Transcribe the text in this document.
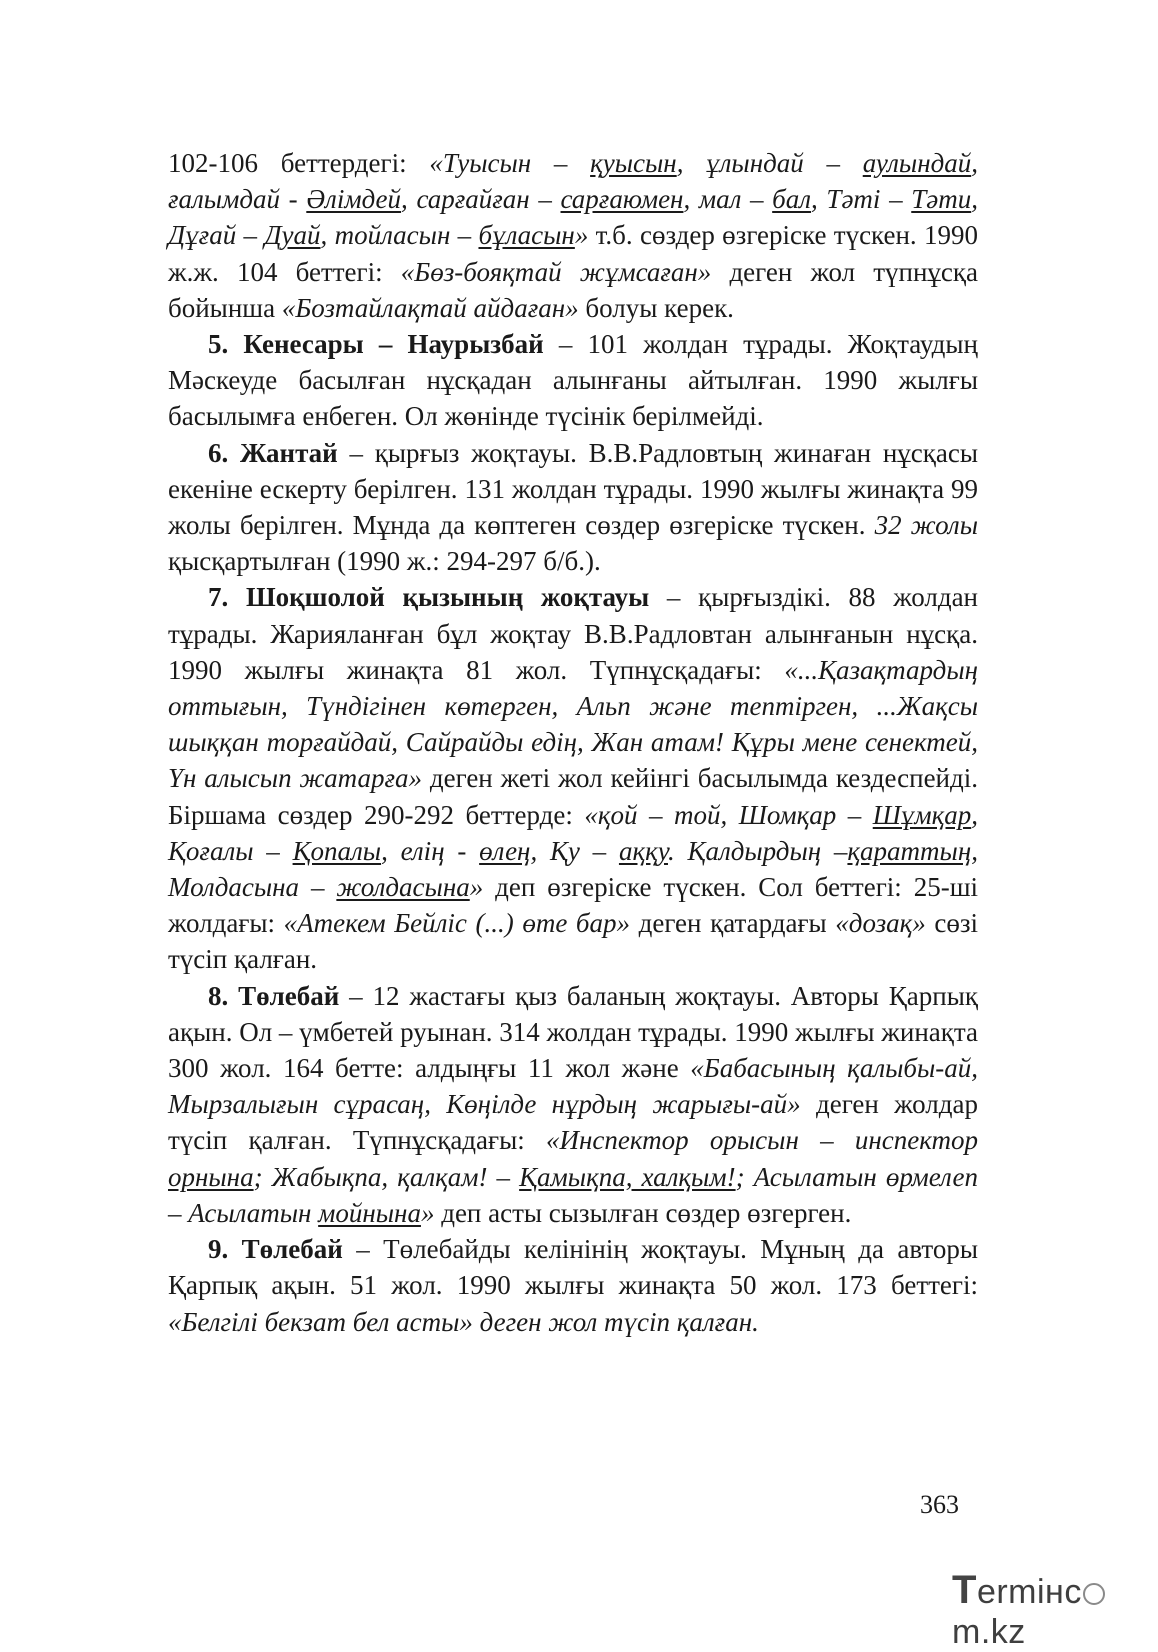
102-106 беттердегі: «Туысын – қуысын, ұлындай – аулындай, ғалымдай - Әлімдей, сарғайған – сарғаюмен, мал – бал, Тәті – Тәти, Дұғай – Дуай, тойласын – бұласын» т.б. сөздер өзгеріске түскен. 1990 ж.ж. 104 беттегі: «Бөз-бояқтай жұмсаған» деген жол түпнұсқа бойынша «Бозтайлақтай айдаған» болуы керек.

5. Кенесары – Наурызбай – 101 жолдан тұрады. Жоқтаудың Мәскеуде басылған нұсқадан алынғаны айтылған. 1990 жылғы басылымға енбеген. Ол жөнінде түсінік берілмейді.

6. Жантай – қырғыз жоқтауы. В.В.Радловтың жинаған нұсқасы екеніне ескерту берілген. 131 жолдан тұрады. 1990 жылғы жинақта 99 жолы берілген. Мұнда да көптеген сөздер өзгеріске түскен. 32 жолы қысқартылған (1990 ж.: 294-297 б/б.).

7. Шоқшолой қызының жоқтауы – қырғыздікі. 88 жолдан тұрады. Жарияланған бұл жоқтау В.В.Радловтан алынғанын нұсқа. 1990 жылғы жинақта 81 жол. Түпнұсқадағы: «...Қазақтардың оттығын, Түндігінен көтерген, Альп және тептірген, ...Жақсы шыққан торғайдай, Сайрайды едің, Жан атам! Құры мене сенектей, Үн алысып жатарға» деген жеті жол кейінгі басылымда кездеспейді. Біршама сөздер 290-292 беттерде: «қой – той, Шомқар – Шұмқар, Қоғалы – Қопалы, елің - өлең, Қу – аққу. Қалдырдың –қараттың, Молдасына – жолдасына» деп өзгеріске түскен. Сол беттегі: 25-ші жолдағы: «Атекем Бейліс (...) өте бар» деген қатардағы «дозақ» сөзі түсіп қалған.

8. Төлебай – 12 жастағы қыз баланың жоқтауы. Авторы Қарпық ақын. Ол – үмбетей руынан. 314 жолдан тұрады. 1990 жылғы жинақта 300 жол. 164 бетте: алдыңғы 11 жол және «Бабасының қалыбы-ай, Мырзалығын сұрасаң, Көңілде нұрдың жарығы-ай» деген жолдар түсіп қалған. Түпнұсқадағы: «Инспектор орысын – инспектор орнына; Жабықпа, қалқам! – Қамықпа, халқым!; Асылатын өрмелеп – Асылатын мойнына» деп асты сызылған сөздер өзгерген.

9. Төлебай – Төлебайды келінінің жоқтауы. Мұның да авторы Қарпық ақын. 51 жол. 1990 жылғы жинақта 50 жол. 173 беттегі: «Белгілі бекзат бел асты» деген жол түсіп қалған.

363
Termінcm.kz
